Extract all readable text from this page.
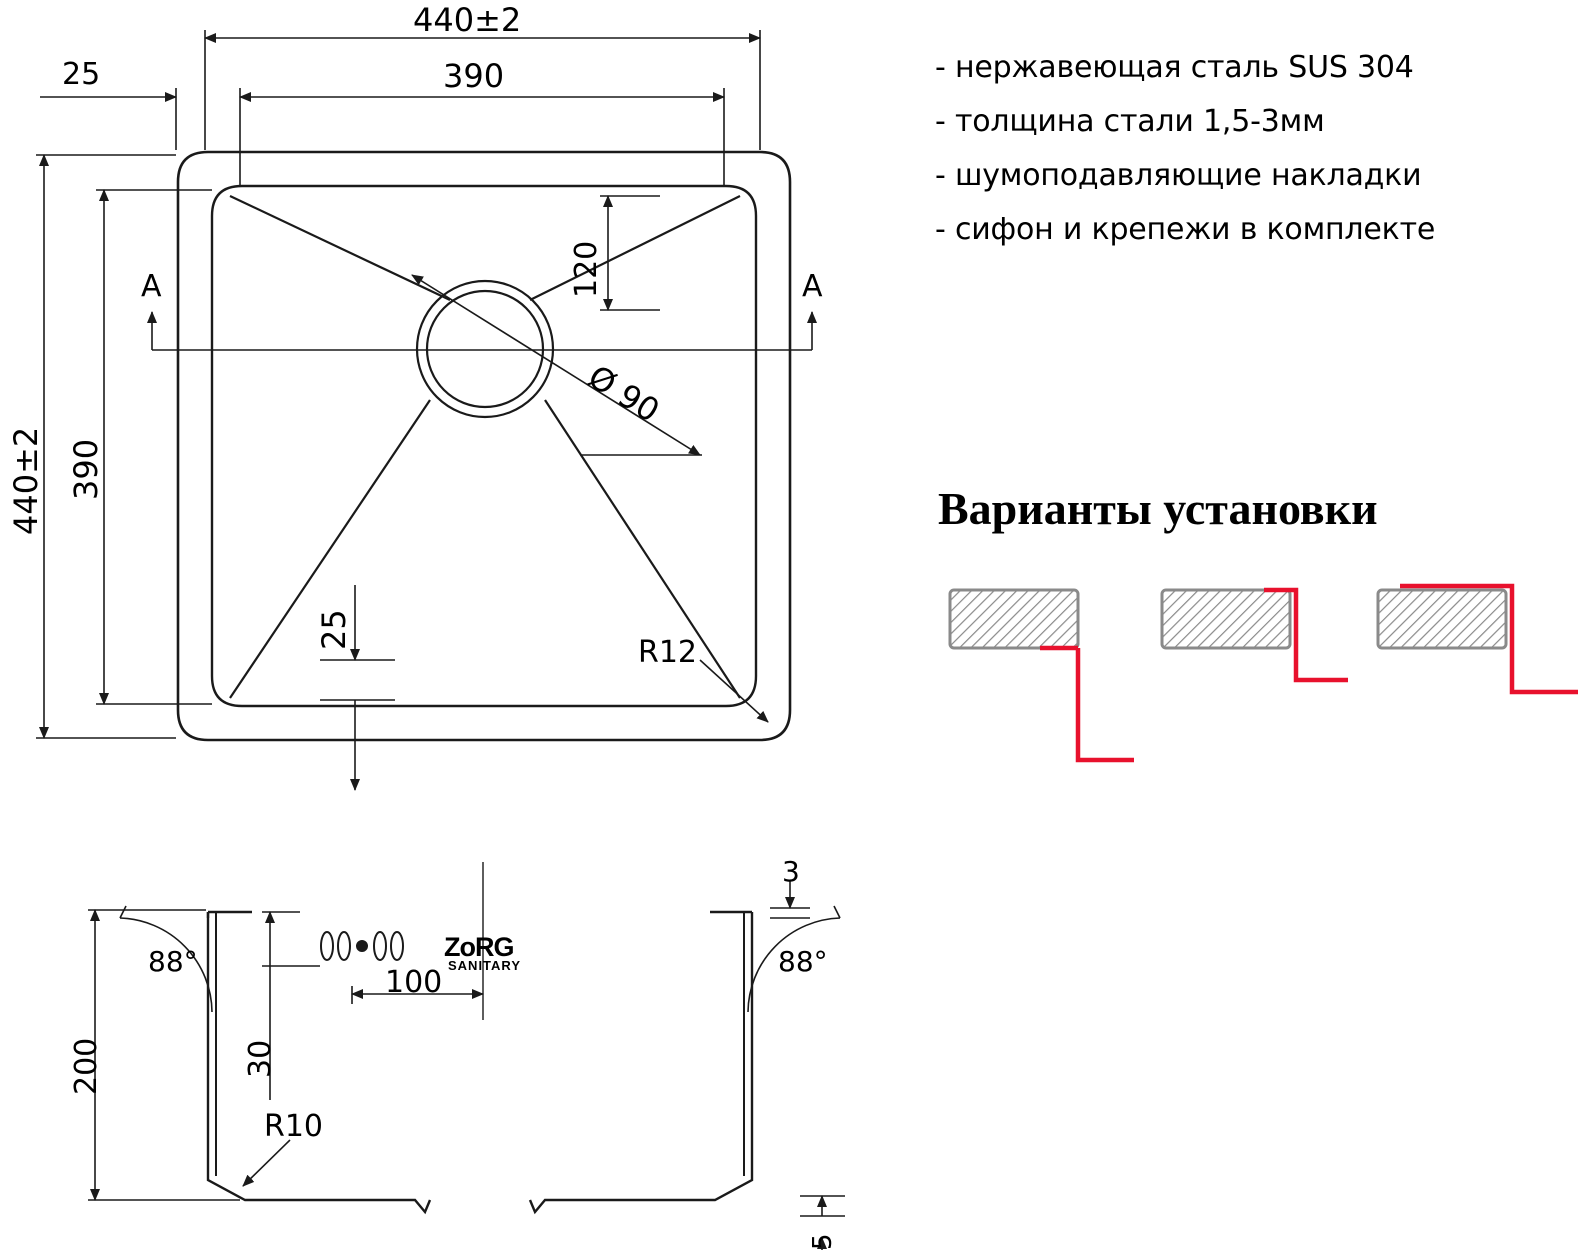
- нержавеющая сталь SUS 304
- толщина стали 1,5-3мм
- шумоподавляющие накладки
- сифон и крепежи в комплекте
Варианты установки
440±2
390
25
440±2 390
120
Ø 90
25
R12
A	A
200
88°	88°
3
30
100
R10
5
ZoRG
SANITARY
